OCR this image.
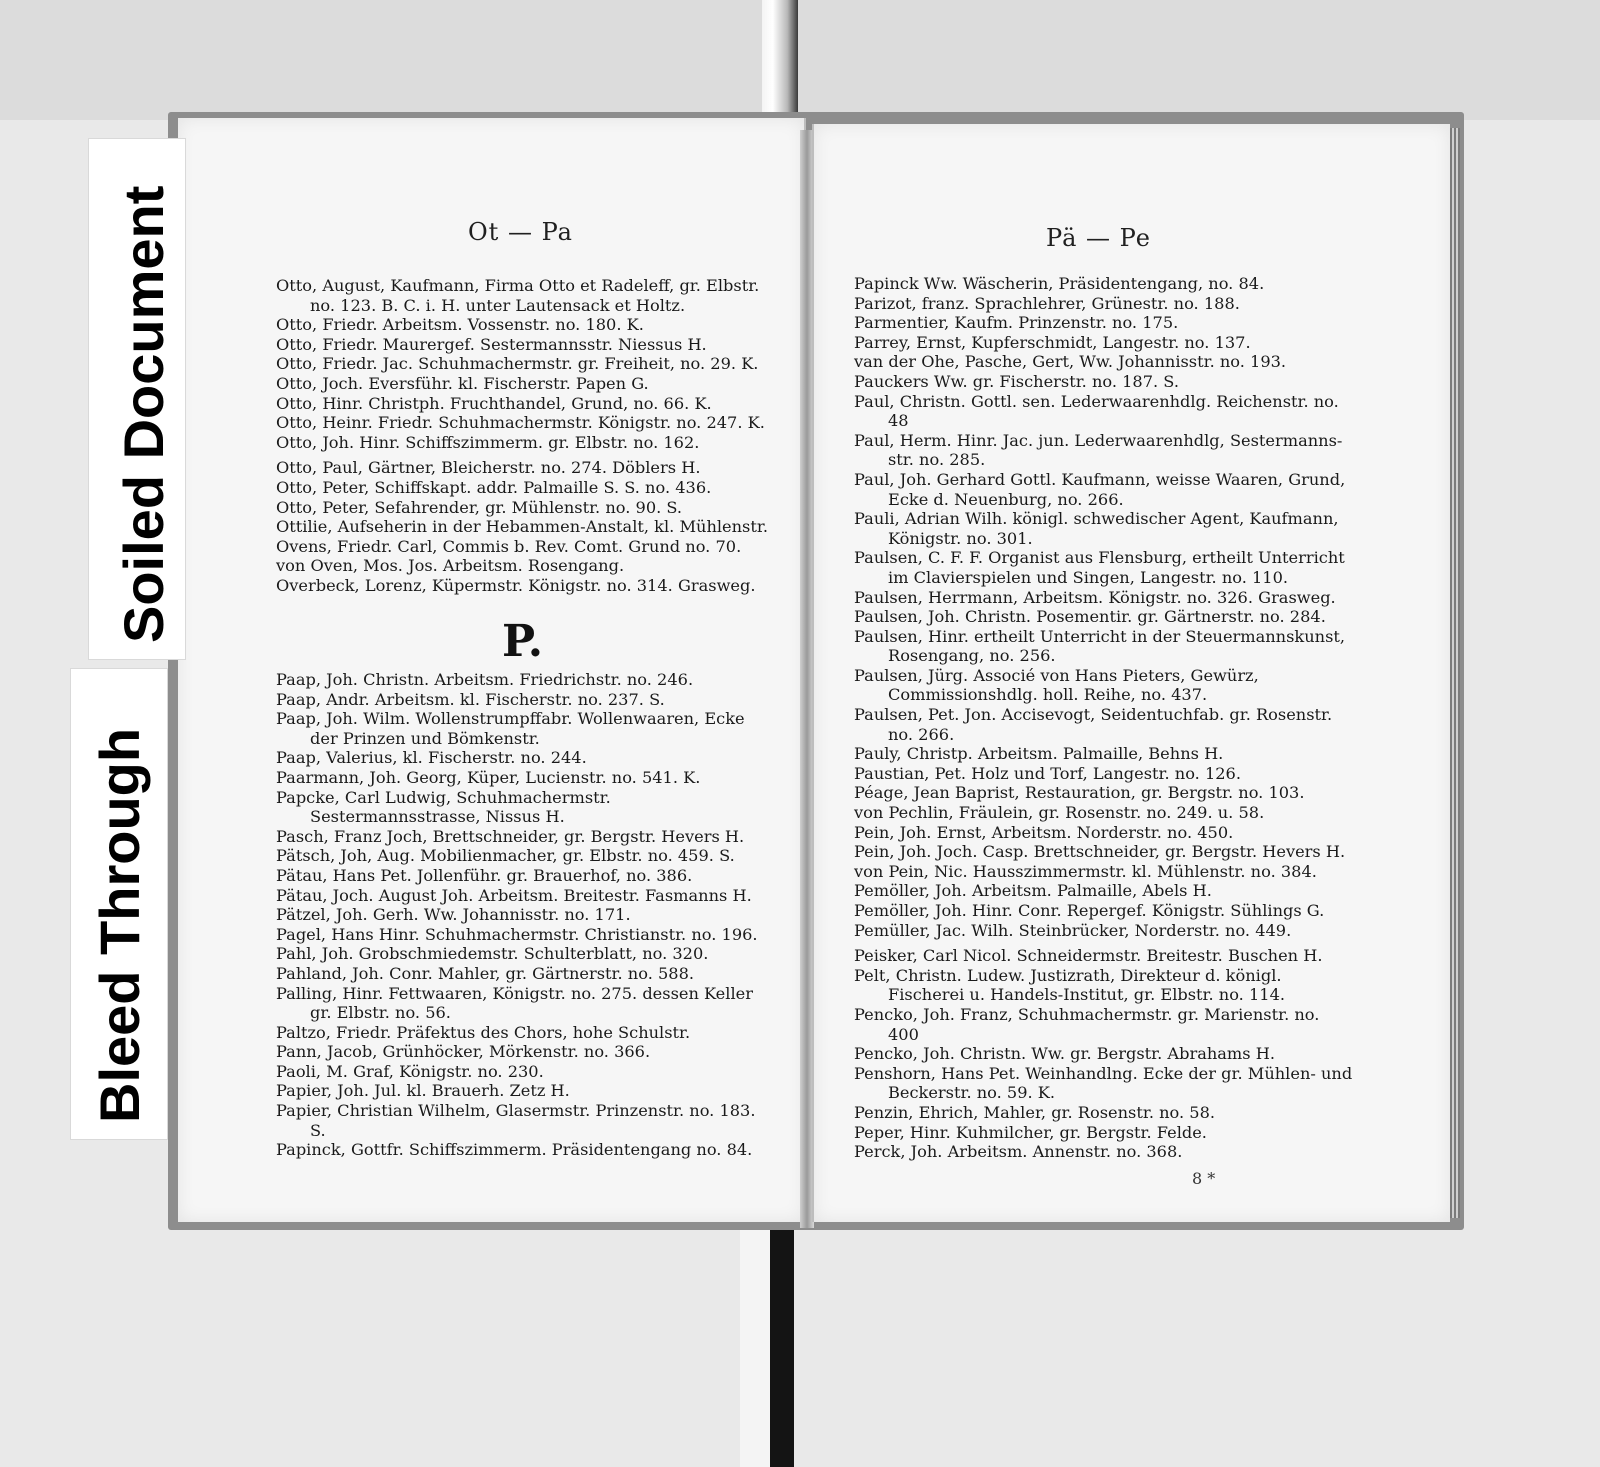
Ot — Pa
Otto, August, Kaufmann, Firma Otto et Radeleff, gr. Elbstr. no. 123. B. C. i. H. unter Lautensack et Holtz.
Otto, Friedr. Arbeitsm. Vossenstr. no. 180. K.
Otto, Friedr. Maurergef. Sestermannsstr. Niessus H.
Otto, Friedr. Jac. Schuhmachermstr. gr. Freiheit, no. 29. K.
Otto, Joch. Eversführ. kl. Fischerstr. Papen G.
Otto, Hinr. Christph. Fruchthandel, Grund, no. 66. K.
Otto, Heinr. Friedr. Schuhmachermstr. Königstr. no. 247. K.
Otto, Joh. Hinr. Schiffszimmerm. gr. Elbstr. no. 162.
Otto, Paul, Gärtner, Bleicherstr. no. 274. Döblers H.
Otto, Peter, Schiffskapt. addr. Palmaille S. S. no. 436.
Otto, Peter, Sefahrender, gr. Mühlenstr. no. 90. S.
Ottilie, Aufseherin in der Hebammen-Anstalt, kl. Mühlenstr.
Ovens, Friedr. Carl, Commis b. Rev. Comt. Grund no. 70.
von Oven, Mos. Jos. Arbeitsm. Rosengang.
Overbeck, Lorenz, Küpermstr. Königstr. no. 314. Grasweg.
P.
Paap, Joh. Christn. Arbeitsm. Friedrichstr. no. 246.
Paap, Andr. Arbeitsm. kl. Fischerstr. no. 237. S.
Paap, Joh. Wilm. Wollenstrumpffabr. Wollenwaaren, Ecke der Prinzen und Bömkenstr.
Paap, Valerius, kl. Fischerstr. no. 244.
Paarmann, Joh. Georg, Küper, Lucienstr. no. 541. K.
Papcke, Carl Ludwig, Schuhmachermstr. Sestermannsstrasse, Nissus H.
Pasch, Franz Joch, Brettschneider, gr. Bergstr. Hevers H.
Pätsch, Joh, Aug. Mobilienmacher, gr. Elbstr. no. 459. S.
Pätau, Hans Pet. Jollenführ. gr. Brauerhof, no. 386.
Pätau, Joch. August Joh. Arbeitsm. Breitestr. Fasmanns H.
Pätzel, Joh. Gerh. Ww. Johannisstr. no. 171.
Pagel, Hans Hinr. Schuhmachermstr. Christianstr. no. 196.
Pahl, Joh. Grobschmiedemstr. Schulterblatt, no. 320.
Pahland, Joh. Conr. Mahler, gr. Gärtnerstr. no. 588.
Palling, Hinr. Fettwaaren, Königstr. no. 275. dessen Keller gr. Elbstr. no. 56.
Paltzo, Friedr. Präfektus des Chors, hohe Schulstr.
Pann, Jacob, Grünhöcker, Mörkenstr. no. 366.
Paoli, M. Graf, Königstr. no. 230.
Papier, Joh. Jul. kl. Brauerh. Zetz H.
Papier, Christian Wilhelm, Glasermstr. Prinzenstr. no. 183. S.
Papinck, Gottfr. Schiffszimmerm. Präsidentengang no. 84.
Pä — Pe
Papinck Ww. Wäscherin, Präsidentengang, no. 84.
Parizot, franz. Sprachlehrer, Grünestr. no. 188.
Parmentier, Kaufm. Prinzenstr. no. 175.
Parrey, Ernst, Kupferschmidt, Langestr. no. 137.
van der Ohe, Pasche, Gert, Ww. Johannisstr. no. 193.
Pauckers Ww. gr. Fischerstr. no. 187. S.
Paul, Christn. Gottl. sen. Lederwaarenhdlg. Reichenstr. no. 48
Paul, Herm. Hinr. Jac. jun. Lederwaarenhdlg, Sestermanns-str. no. 285.
Paul, Joh. Gerhard Gottl. Kaufmann, weisse Waaren, Grund, Ecke d. Neuenburg, no. 266.
Pauli, Adrian Wilh. königl. schwedischer Agent, Kaufmann, Königstr. no. 301.
Paulsen, C. F. F. Organist aus Flensburg, ertheilt Unterricht im Clavierspielen und Singen, Langestr. no. 110.
Paulsen, Herrmann, Arbeitsm. Königstr. no. 326. Grasweg.
Paulsen, Joh. Christn. Posementir. gr. Gärtnerstr. no. 284.
Paulsen, Hinr. ertheilt Unterricht in der Steuermannskunst, Rosengang, no. 256.
Paulsen, Jürg. Associé von Hans Pieters, Gewürz, Commissionshdlg. holl. Reihe, no. 437.
Paulsen, Pet. Jon. Accisevogt, Seidentuchfab. gr. Rosenstr. no. 266.
Pauly, Christp. Arbeitsm. Palmaille, Behns H.
Paustian, Pet. Holz und Torf, Langestr. no. 126.
Péage, Jean Baprist, Restauration, gr. Bergstr. no. 103.
von Pechlin, Fräulein, gr. Rosenstr. no. 249. u. 58.
Pein, Joh. Ernst, Arbeitsm. Norderstr. no. 450.
Pein, Joh. Joch. Casp. Brettschneider, gr. Bergstr. Hevers H.
von Pein, Nic. Hausszimmermstr. kl. Mühlenstr. no. 384.
Pemöller, Joh. Arbeitsm. Palmaille, Abels H.
Pemöller, Joh. Hinr. Conr. Repergef. Königstr. Sühlings G.
Pemüller, Jac. Wilh. Steinbrücker, Norderstr. no. 449.
Peisker, Carl Nicol. Schneidermstr. Breitestr. Buschen H.
Pelt, Christn. Ludew. Justizrath, Direkteur d. königl. Fischerei u. Handels-Institut, gr. Elbstr. no. 114.
Pencko, Joh. Franz, Schuhmachermstr. gr. Marienstr. no. 400
Pencko, Joh. Christn. Ww. gr. Bergstr. Abrahams H.
Penshorn, Hans Pet. Weinhandlng. Ecke der gr. Mühlen- und Beckerstr. no. 59. K.
Penzin, Ehrich, Mahler, gr. Rosenstr. no. 58.
Peper, Hinr. Kuhmilcher, gr. Bergstr. Felde.
Perck, Joh. Arbeitsm. Annenstr. no. 368.
8 *
Soiled Document
Bleed Through
